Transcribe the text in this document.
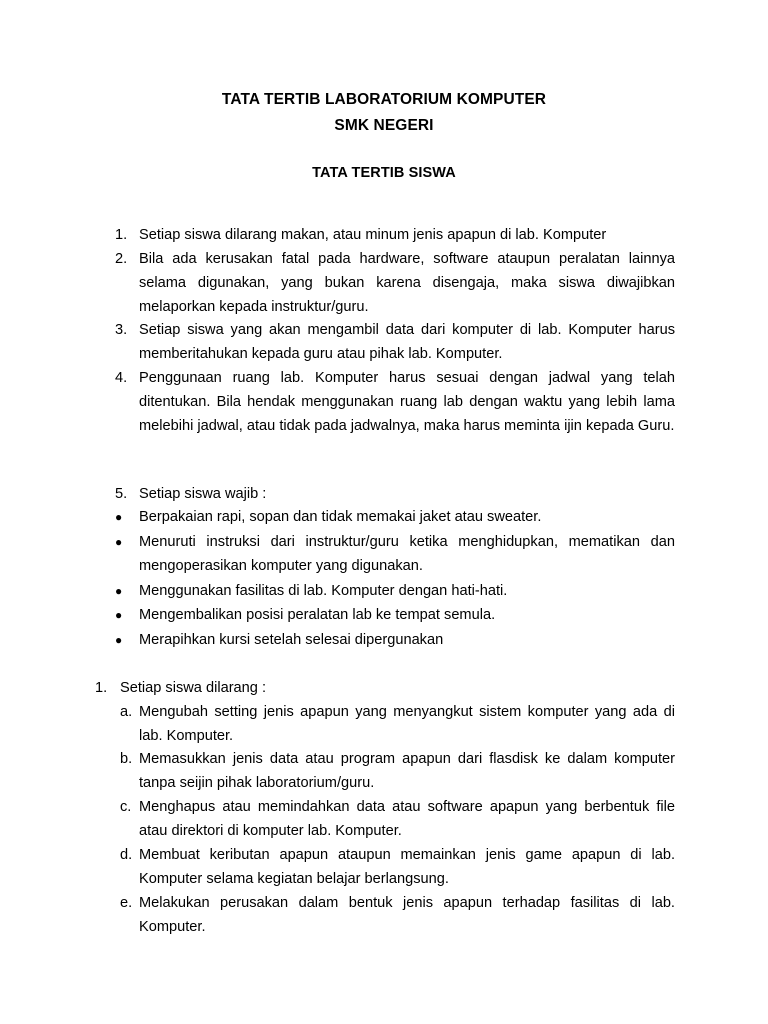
TATA TERTIB LABORATORIUM KOMPUTER
SMK NEGERI
TATA TERTIB SISWA
1. Setiap siswa dilarang makan, atau minum jenis apapun di lab. Komputer
2. Bila ada kerusakan fatal pada hardware, software ataupun peralatan lainnya selama digunakan, yang bukan karena disengaja, maka siswa diwajibkan melaporkan kepada instruktur/guru.
3. Setiap siswa yang akan mengambil data dari komputer di lab. Komputer harus memberitahukan kepada guru atau pihak lab. Komputer.
4. Penggunaan ruang lab. Komputer harus sesuai dengan jadwal yang telah ditentukan. Bila hendak menggunakan ruang lab dengan waktu yang lebih lama melebihi jadwal, atau tidak pada jadwalnya, maka harus meminta ijin kepada Guru.
5. Setiap siswa wajib :
● Berpakaian rapi, sopan dan tidak memakai jaket atau sweater.
● Menuruti instruksi dari instruktur/guru ketika menghidupkan, mematikan dan mengoperasikan komputer yang digunakan.
● Menggunakan fasilitas di lab. Komputer dengan hati-hati.
● Mengembalikan posisi peralatan lab ke tempat semula.
● Merapihkan kursi setelah selesai dipergunakan
1. Setiap siswa dilarang :
a. Mengubah setting jenis apapun yang menyangkut sistem komputer yang ada di lab. Komputer.
b. Memasukkan jenis data atau program apapun dari flasdisk ke dalam komputer tanpa seijin pihak laboratorium/guru.
c. Menghapus atau memindahkan data atau software apapun yang berbentuk file atau direktori di komputer lab. Komputer.
d. Membuat keributan apapun ataupun memainkan jenis game apapun di lab. Komputer selama kegiatan belajar berlangsung.
e. Melakukan perusakan dalam bentuk jenis apapun terhadap fasilitas di lab. Komputer.
